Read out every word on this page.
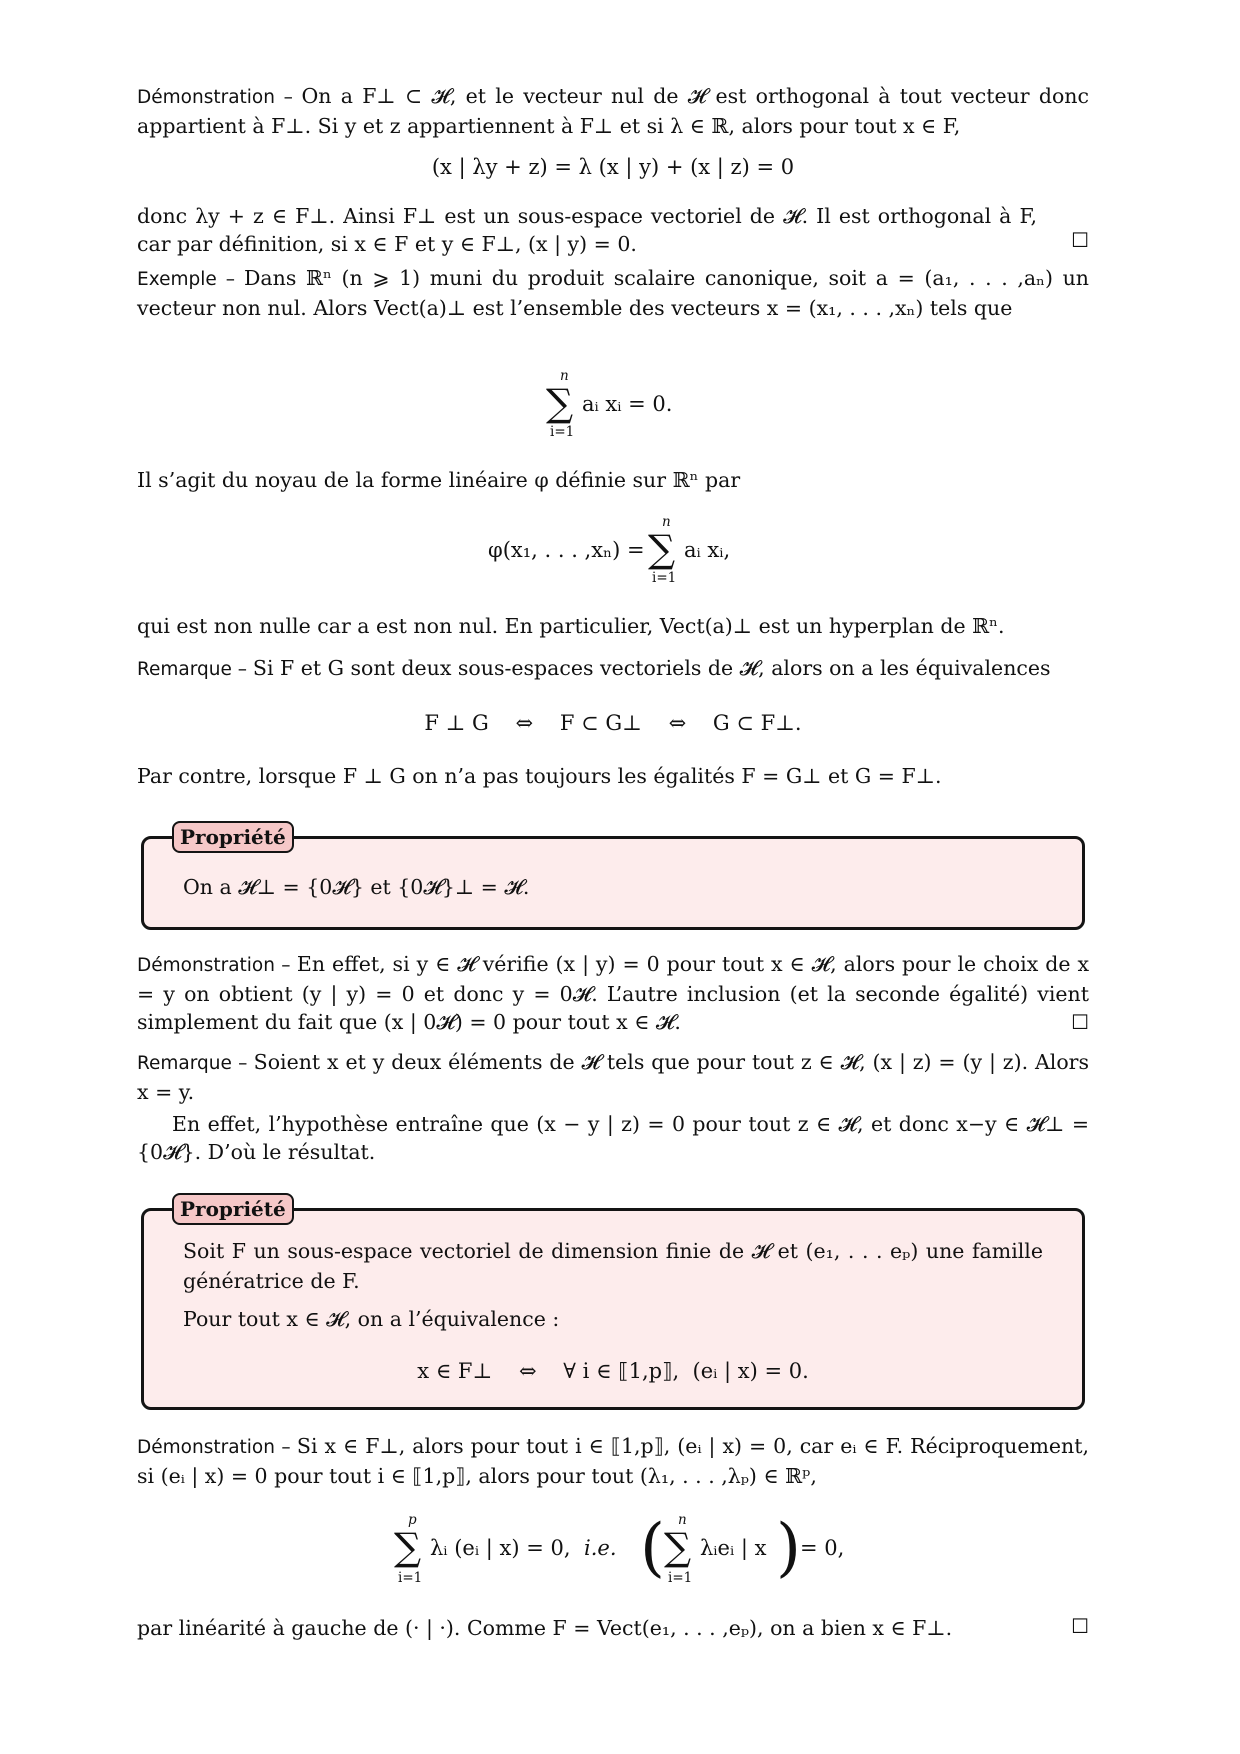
Démonstration – On a F⊥ ⊂ 𝓗, et le vecteur nul de 𝓗 est orthogonal à tout vecteur donc appartient à F⊥. Si y et z appartiennent à F⊥ et si λ ∈ ℝ, alors pour tout x ∈ F,
(x | λy + z) = λ (x | y) + (x | z) = 0
donc λy + z ∈ F⊥. Ainsi F⊥ est un sous-espace vectoriel de 𝓗. Il est orthogonal à F, car par définition, si x ∈ F et y ∈ F⊥, (x | y) = 0.	☐
Exemple – Dans ℝⁿ (n ⩾ 1) muni du produit scalaire canonique, soit a = (a₁, . . . ,aₙ) un vecteur non nul. Alors Vect(a)⊥ est l’ensemble des vecteurs x = (x₁, . . . ,xₙ) tels que
n
∑
i=1
aᵢ xᵢ = 0.
Il s’agit du noyau de la forme linéaire φ définie sur ℝⁿ par
φ(x₁, . . . ,xₙ) =
n
∑
i=1
aᵢ xᵢ,
qui est non nulle car a est non nul. En particulier, Vect(a)⊥ est un hyperplan de ℝⁿ.
Remarque – Si F et G sont deux sous-espaces vectoriels de 𝓗, alors on a les équivalences
F ⊥ G    ⇔    F ⊂ G⊥    ⇔    G ⊂ F⊥.
Par contre, lorsque F ⊥ G on n’a pas toujours les égalités F = G⊥ et G = F⊥.
Propriété
On a 𝓗⊥ = {0𝓗} et {0𝓗}⊥ = 𝓗.
Démonstration – En effet, si y ∈ 𝓗 vérifie (x | y) = 0 pour tout x ∈ 𝓗, alors pour le choix de x = y on obtient (y | y) = 0 et donc y = 0𝓗. L’autre inclusion (et la seconde égalité) vient simplement du fait que (x | 0𝓗) = 0 pour tout x ∈ 𝓗.	☐
Remarque – Soient x et y deux éléments de 𝓗 tels que pour tout z ∈ 𝓗, (x | z) = (y | z). Alors x = y.
En effet, l’hypothèse entraîne que (x − y | z) = 0 pour tout z ∈ 𝓗, et donc x−y ∈ 𝓗⊥ = {0𝓗}. D’où le résultat.
Propriété
Soit F un sous-espace vectoriel de dimension finie de 𝓗 et (e₁, . . . eₚ) une famille génératrice de F.
Pour tout x ∈ 𝓗, on a l’équivalence :
x ∈ F⊥    ⇔    ∀ i ∈ ⟦1,p⟧,  (eᵢ | x) = 0.
Démonstration – Si x ∈ F⊥, alors pour tout i ∈ ⟦1,p⟧, (eᵢ | x) = 0, car eᵢ ∈ F. Réciproquement, si (eᵢ | x) = 0 pour tout i ∈ ⟦1,p⟧, alors pour tout (λ₁, . . . ,λₚ) ∈ ℝᵖ,
p
∑
i=1
λᵢ (eᵢ | x) = 0, i.e. ( n
∑
i=1
λᵢeᵢ | x ) = 0,
par linéarité à gauche de (· | ·). Comme F = Vect(e₁, . . . ,eₚ), on a bien x ∈ F⊥.	☐
